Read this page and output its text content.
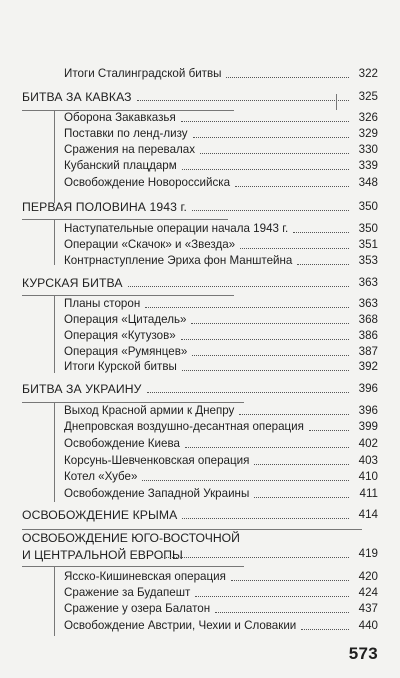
Итоги Сталинградской битвы	322
БИТВА ЗА КАВКАЗ	325
Оборона Закавказья	326
Поставки по ленд-лизу	329
Сражения на перевалах	330
Кубанский плацдарм	339
Освобождение Новороссийска	348
ПЕРВАЯ ПОЛОВИНА 1943 г.	350
Наступательные операции начала 1943 г.	350
Операции «Скачок» и «Звезда»	351
Контрнаступление Эриха фон Манштейна	353
КУРСКАЯ БИТВА	363
Планы сторон	363
Операция «Цитадель»	368
Операция «Кутузов»	386
Операция «Румянцев»	387
Итоги Курской битвы	392
БИТВА ЗА УКРАИНУ	396
Выход Красной армии к Днепру	396
Днепровская воздушно-десантная операция	399
Освобождение Киева	402
Корсунь-Шевченковская операция	403
Котел «Хубе»	410
Освобождение Западной Украины	411
ОСВОБОЖДЕНИЕ КРЫМА	414
ОСВОБОЖДЕНИЕ ЮГО-ВОСТОЧНОЙ
И ЦЕНТРАЛЬНОЙ ЕВРОПЫ	419
Ясско-Кишиневская операция	420
Сражение за Будапешт	424
Сражение у озера Балатон	437
Освобождение Австрии, Чехии и Словакии	440
573
